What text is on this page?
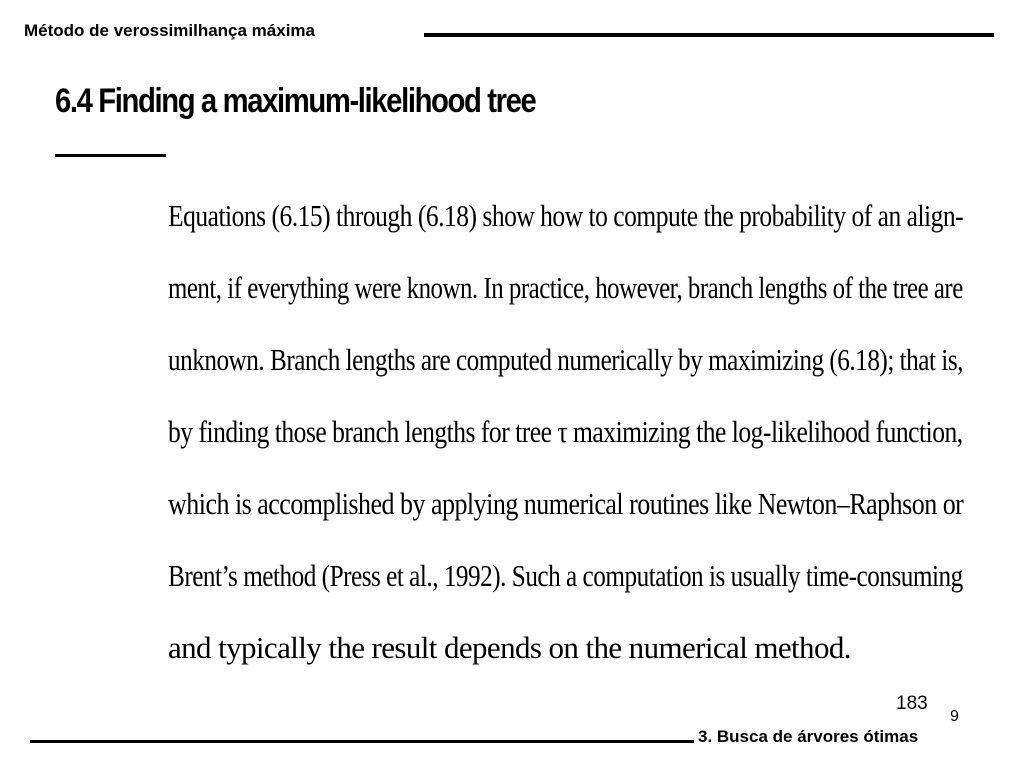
Método de verossimilhança máxima
6.4 Finding a maximum-likelihood tree
Equations (6.15) through (6.18) show how to compute the probability of an align-
ment, if everything were known. In practice, however, branch lengths of the tree are
unknown. Branch lengths are computed numerically by maximizing (6.18); that is,
by finding those branch lengths for tree τ maximizing the log-likelihood function,
which is accomplished by applying numerical routines like Newton–Raphson or
Brent’s method (Press et al., 1992). Such a computation is usually time-consuming
and typically the result depends on the numerical method.
183
9
3. Busca de árvores ótimas
